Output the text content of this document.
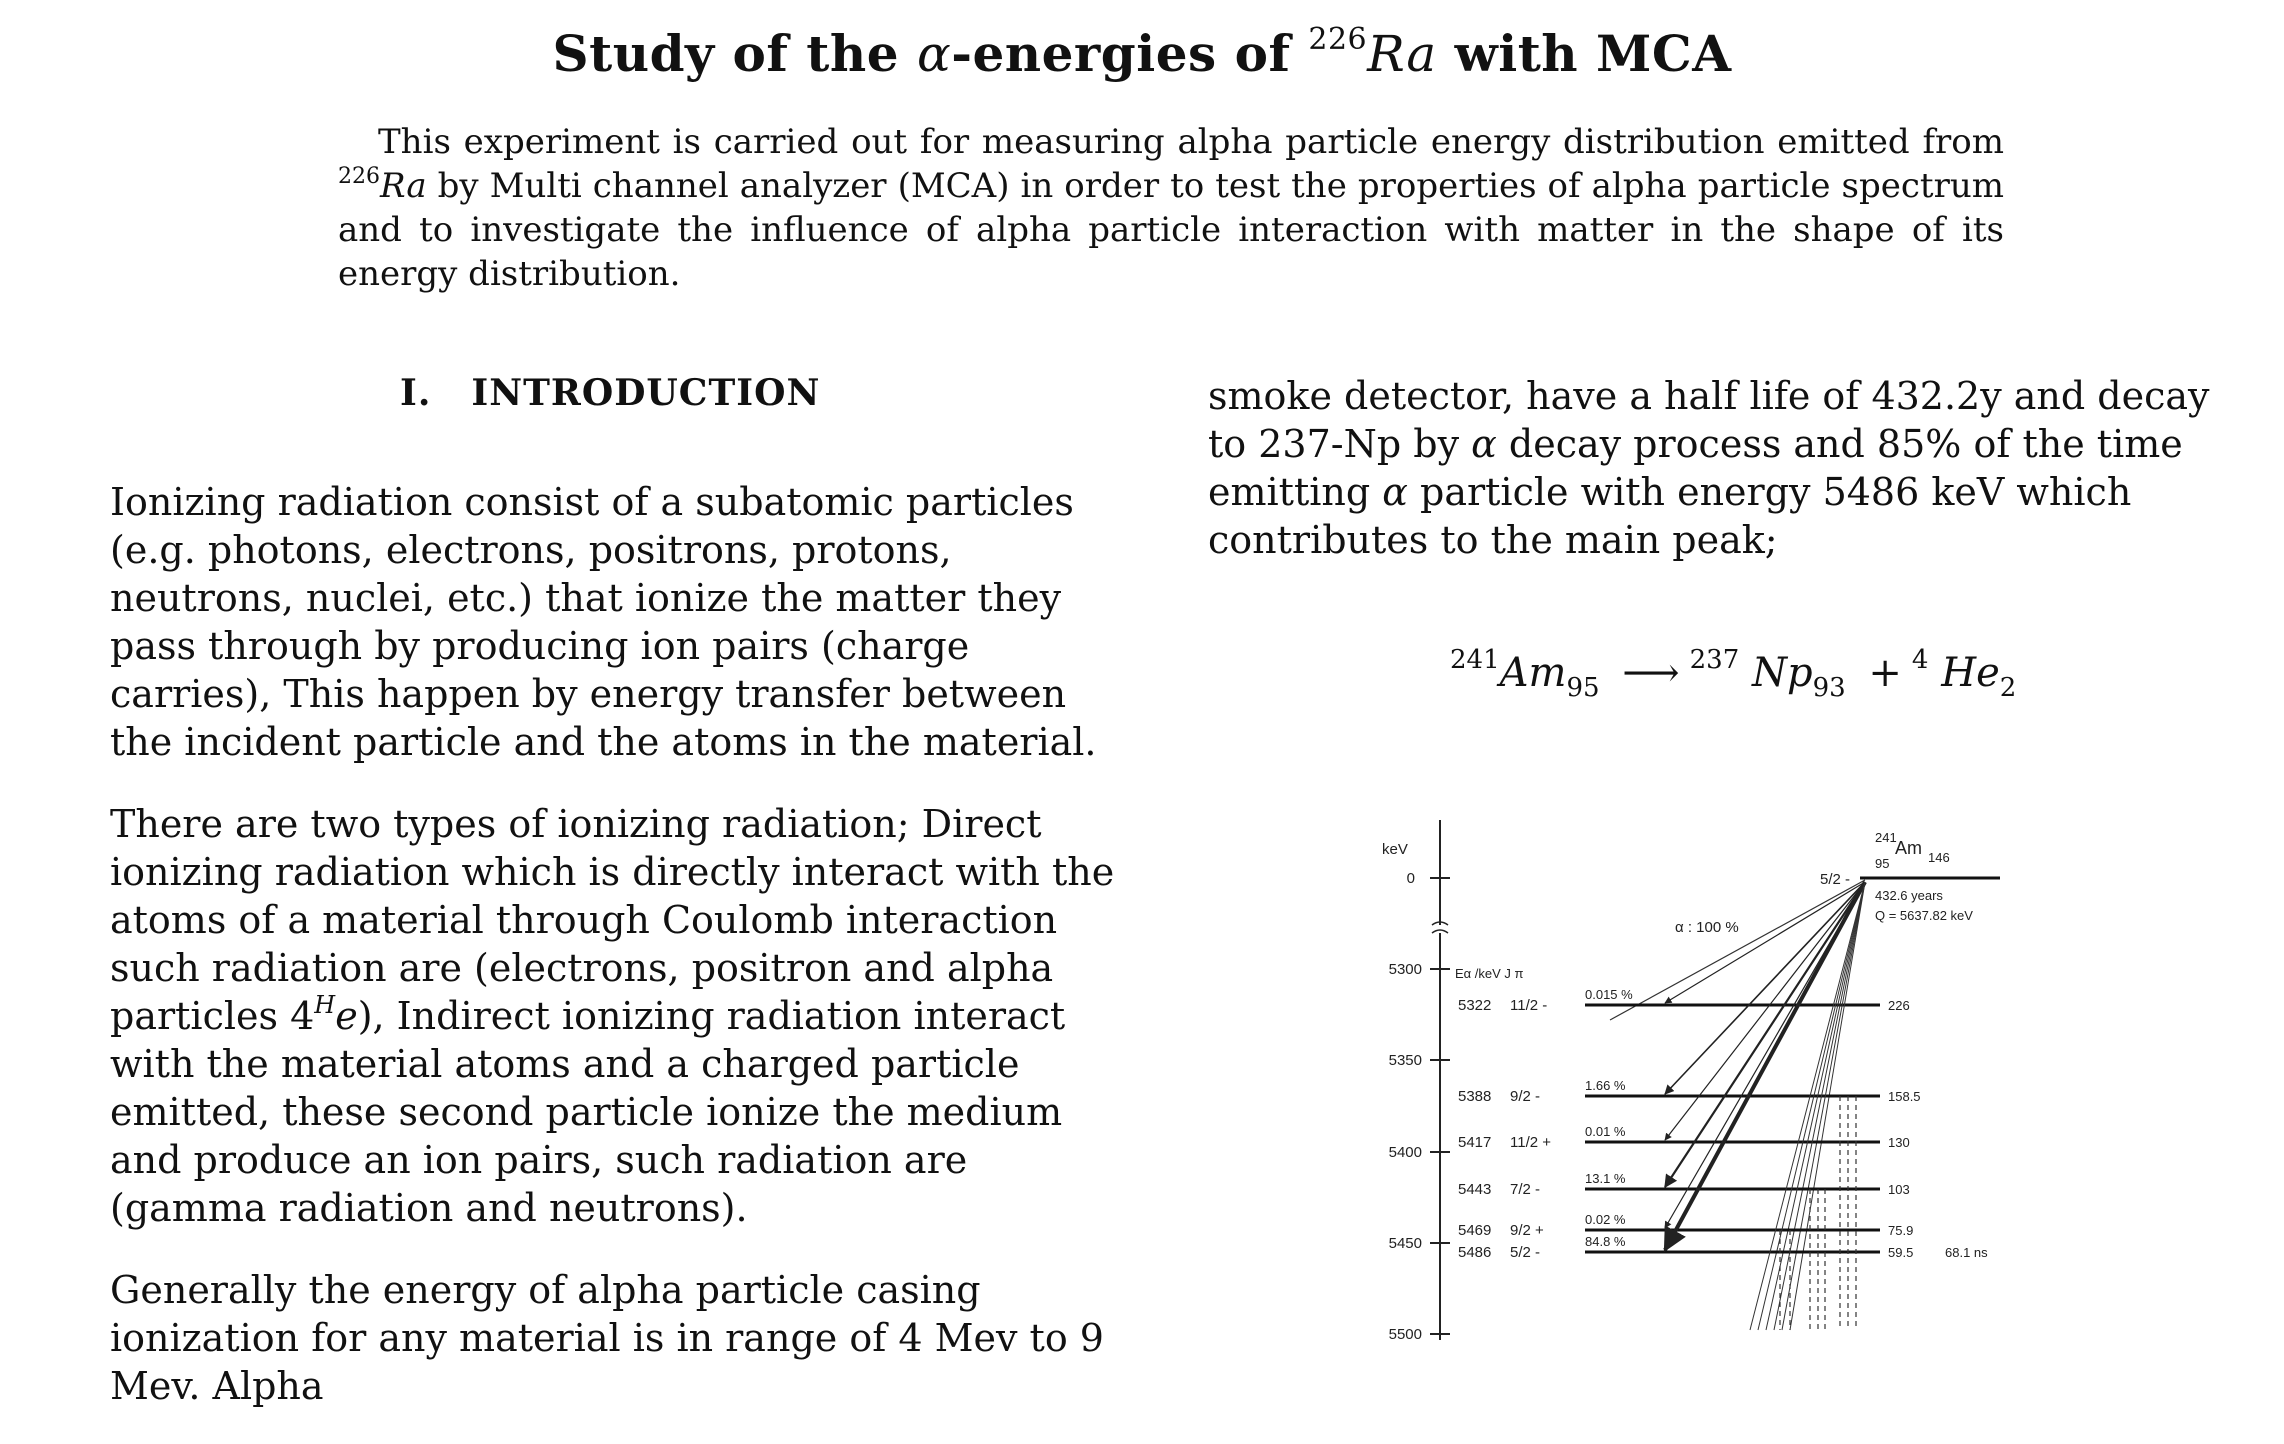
Study of the α-energies of $^{226}$Ra with MCA
This experiment is carried out for measuring alpha particle energy distribution emitted from $^{226}$Ra by Multi channel analyzer (MCA) in order to test the properties of alpha particle spectrum and to investigate the influence of alpha particle interaction with matter in the shape of its energy distribution.
I. INTRODUCTION

Ionizing radiation consist of a subatomic particles (e.g. photons, electrons, positrons, protons, neutrons, nuclei, etc.) that ionize the matter they pass through by producing ion pairs (charge carries), This happen by energy transfer between the incident particle and the atoms in the material.

There are two types of ionizing radiation; Direct ionizing radiation which is directly interact with the atoms of a material through Coulomb interaction such radiation are (electrons, positron and alpha particles $4^He$), Indirect ionizing radiation interact with the material atoms and a charged particle emitted, these second particle ionize the medium and produce an ion pairs, such radiation are (gamma radiation and neutrons).

Generally the energy of alpha particle casing ionization for any material is in range of 4 Mev to 9 Mev. Alpha

smoke detector, have a half life of 432.2y and decay to 237-Np by α decay process and 85% of the time emitting α particle with energy 5486 keV which contributes to the main peak;

$^{241}Am_{95}$ ⟶ $^{237}$ $Np_{93} + ^4$ $He_2$
keV
0
5300
5350
5400
5450
5500
5/2 -
241
95
Am 146
432.6 years
Q = 5637.82 keV
α : 100 %
Eα /keV J π
5322 11/2 -
0.015 %
226
5388 9/2 -
1.66 %
158.5
5417 11/2 +
0.01 %
130
5443 7/2 -
13.1 %
103
5469 9/2 +
0.02 %
75.9
5486 5/2 -
84.8 %
59.5 68.1 ns
